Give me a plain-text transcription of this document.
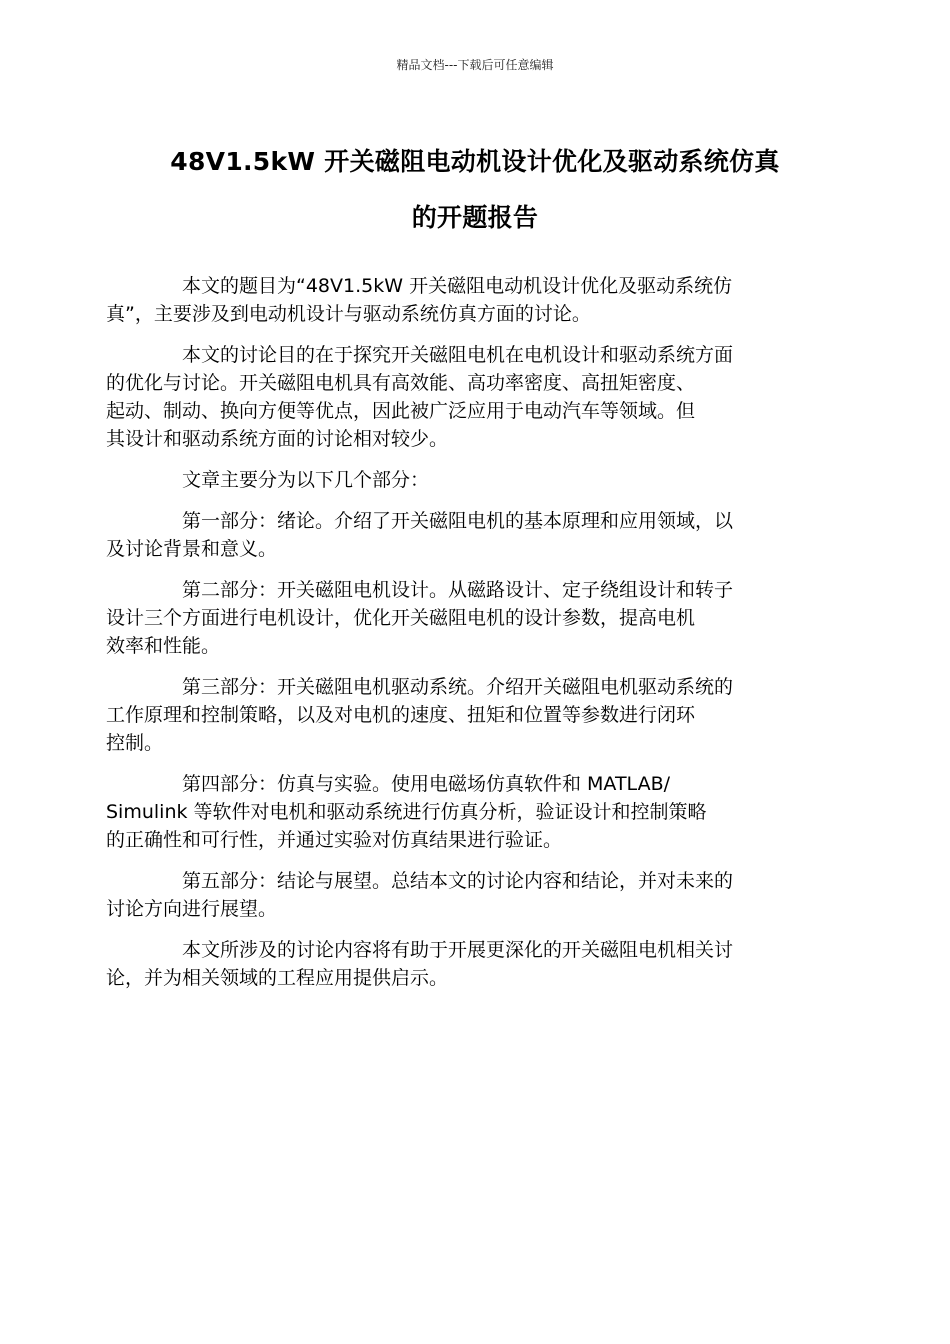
精品文档---下载后可任意编辑
48V1.5kW 开关磁阻电动机设计优化及驱动系统仿真
的开题报告

本文的题目为“48V1.5kW 开关磁阻电动机设计优化及驱动系统仿
真”，主要涉及到电动机设计与驱动系统仿真方面的讨论。

本文的讨论目的在于探究开关磁阻电机在电机设计和驱动系统方面
的优化与讨论。开关磁阻电机具有高效能、高功率密度、高扭矩密度、
起动、制动、换向方便等优点，因此被广泛应用于电动汽车等领域。但
其设计和驱动系统方面的讨论相对较少。

文章主要分为以下几个部分：

第一部分：绪论。介绍了开关磁阻电机的基本原理和应用领域，以
及讨论背景和意义。

第二部分：开关磁阻电机设计。从磁路设计、定子绕组设计和转子
设计三个方面进行电机设计，优化开关磁阻电机的设计参数，提高电机
效率和性能。

第三部分：开关磁阻电机驱动系统。介绍开关磁阻电机驱动系统的
工作原理和控制策略，以及对电机的速度、扭矩和位置等参数进行闭环
控制。

第四部分：仿真与实验。使用电磁场仿真软件和 MATLAB/
Simulink 等软件对电机和驱动系统进行仿真分析，验证设计和控制策略
的正确性和可行性，并通过实验对仿真结果进行验证。

第五部分：结论与展望。总结本文的讨论内容和结论，并对未来的
讨论方向进行展望。

本文所涉及的讨论内容将有助于开展更深化的开关磁阻电机相关讨
论，并为相关领域的工程应用提供启示。
